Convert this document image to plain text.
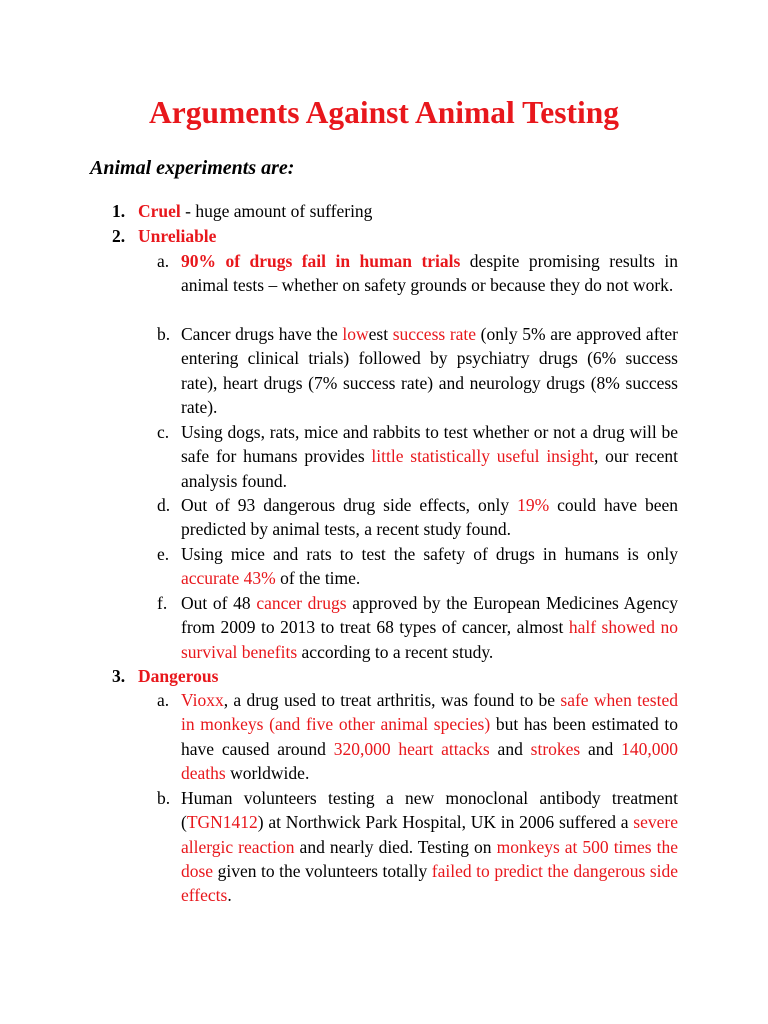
Arguments Against Animal Testing

Animal experiments are:

1. Cruel - huge amount of suffering
2. Unreliable
a. 90% of drugs fail in human trials despite promising results in animal tests – whether on safety grounds or because they do not work.
b. Cancer drugs have the lowest success rate (only 5% are approved after entering clinical trials) followed by psychiatry drugs (6% success rate), heart drugs (7% success rate) and neurology drugs (8% success rate).
c. Using dogs, rats, mice and rabbits to test whether or not a drug will be safe for humans provides little statistically useful insight, our recent analysis found.
d. Out of 93 dangerous drug side effects, only 19% could have been predicted by animal tests, a recent study found.
e. Using mice and rats to test the safety of drugs in humans is only accurate 43% of the time.
f. Out of 48 cancer drugs approved by the European Medicines Agency from 2009 to 2013 to treat 68 types of cancer, almost half showed no survival benefits according to a recent study.
3. Dangerous
a. Vioxx, a drug used to treat arthritis, was found to be safe when tested in monkeys (and five other animal species) but has been estimated to have caused around 320,000 heart attacks and strokes and 140,000 deaths worldwide.
b. Human volunteers testing a new monoclonal antibody treatment (TGN1412) at Northwick Park Hospital, UK in 2006 suffered a severe allergic reaction and nearly died. Testing on monkeys at 500 times the dose given to the volunteers totally failed to predict the dangerous side effects.
